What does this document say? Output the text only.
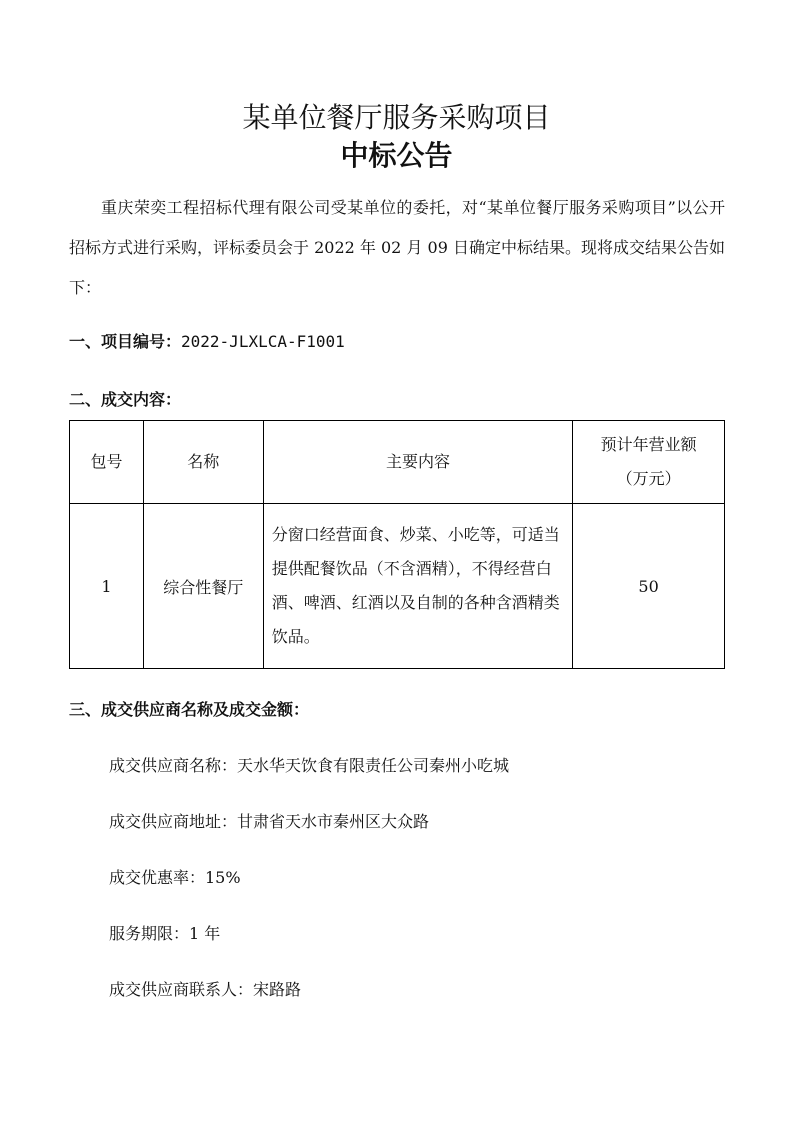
某单位餐厅服务采购项目
中标公告
重庆荣奕工程招标代理有限公司受某单位的委托，对“某单位餐厅服务采购项目”以公开招标方式进行采购，评标委员会于 2022 年 02 月 09 日确定中标结果。现将成交结果公告如下：
一、项目编号：2022-JLXLCA-F1001
二、成交内容：
包号	名称	主要内容	预计年营业额
（万元）

1	综合性餐厅	分窗口经营面食、炒菜、小吃等，可适当提供配餐饮品（不含酒精），不得经营白酒、啤酒、红酒以及自制的各种含酒精类饮品。	50
三、成交供应商名称及成交金额：
成交供应商名称：天水华天饮食有限责任公司秦州小吃城
成交供应商地址：甘肃省天水市秦州区大众路
成交优惠率：15%
服务期限：1 年
成交供应商联系人：宋路路
